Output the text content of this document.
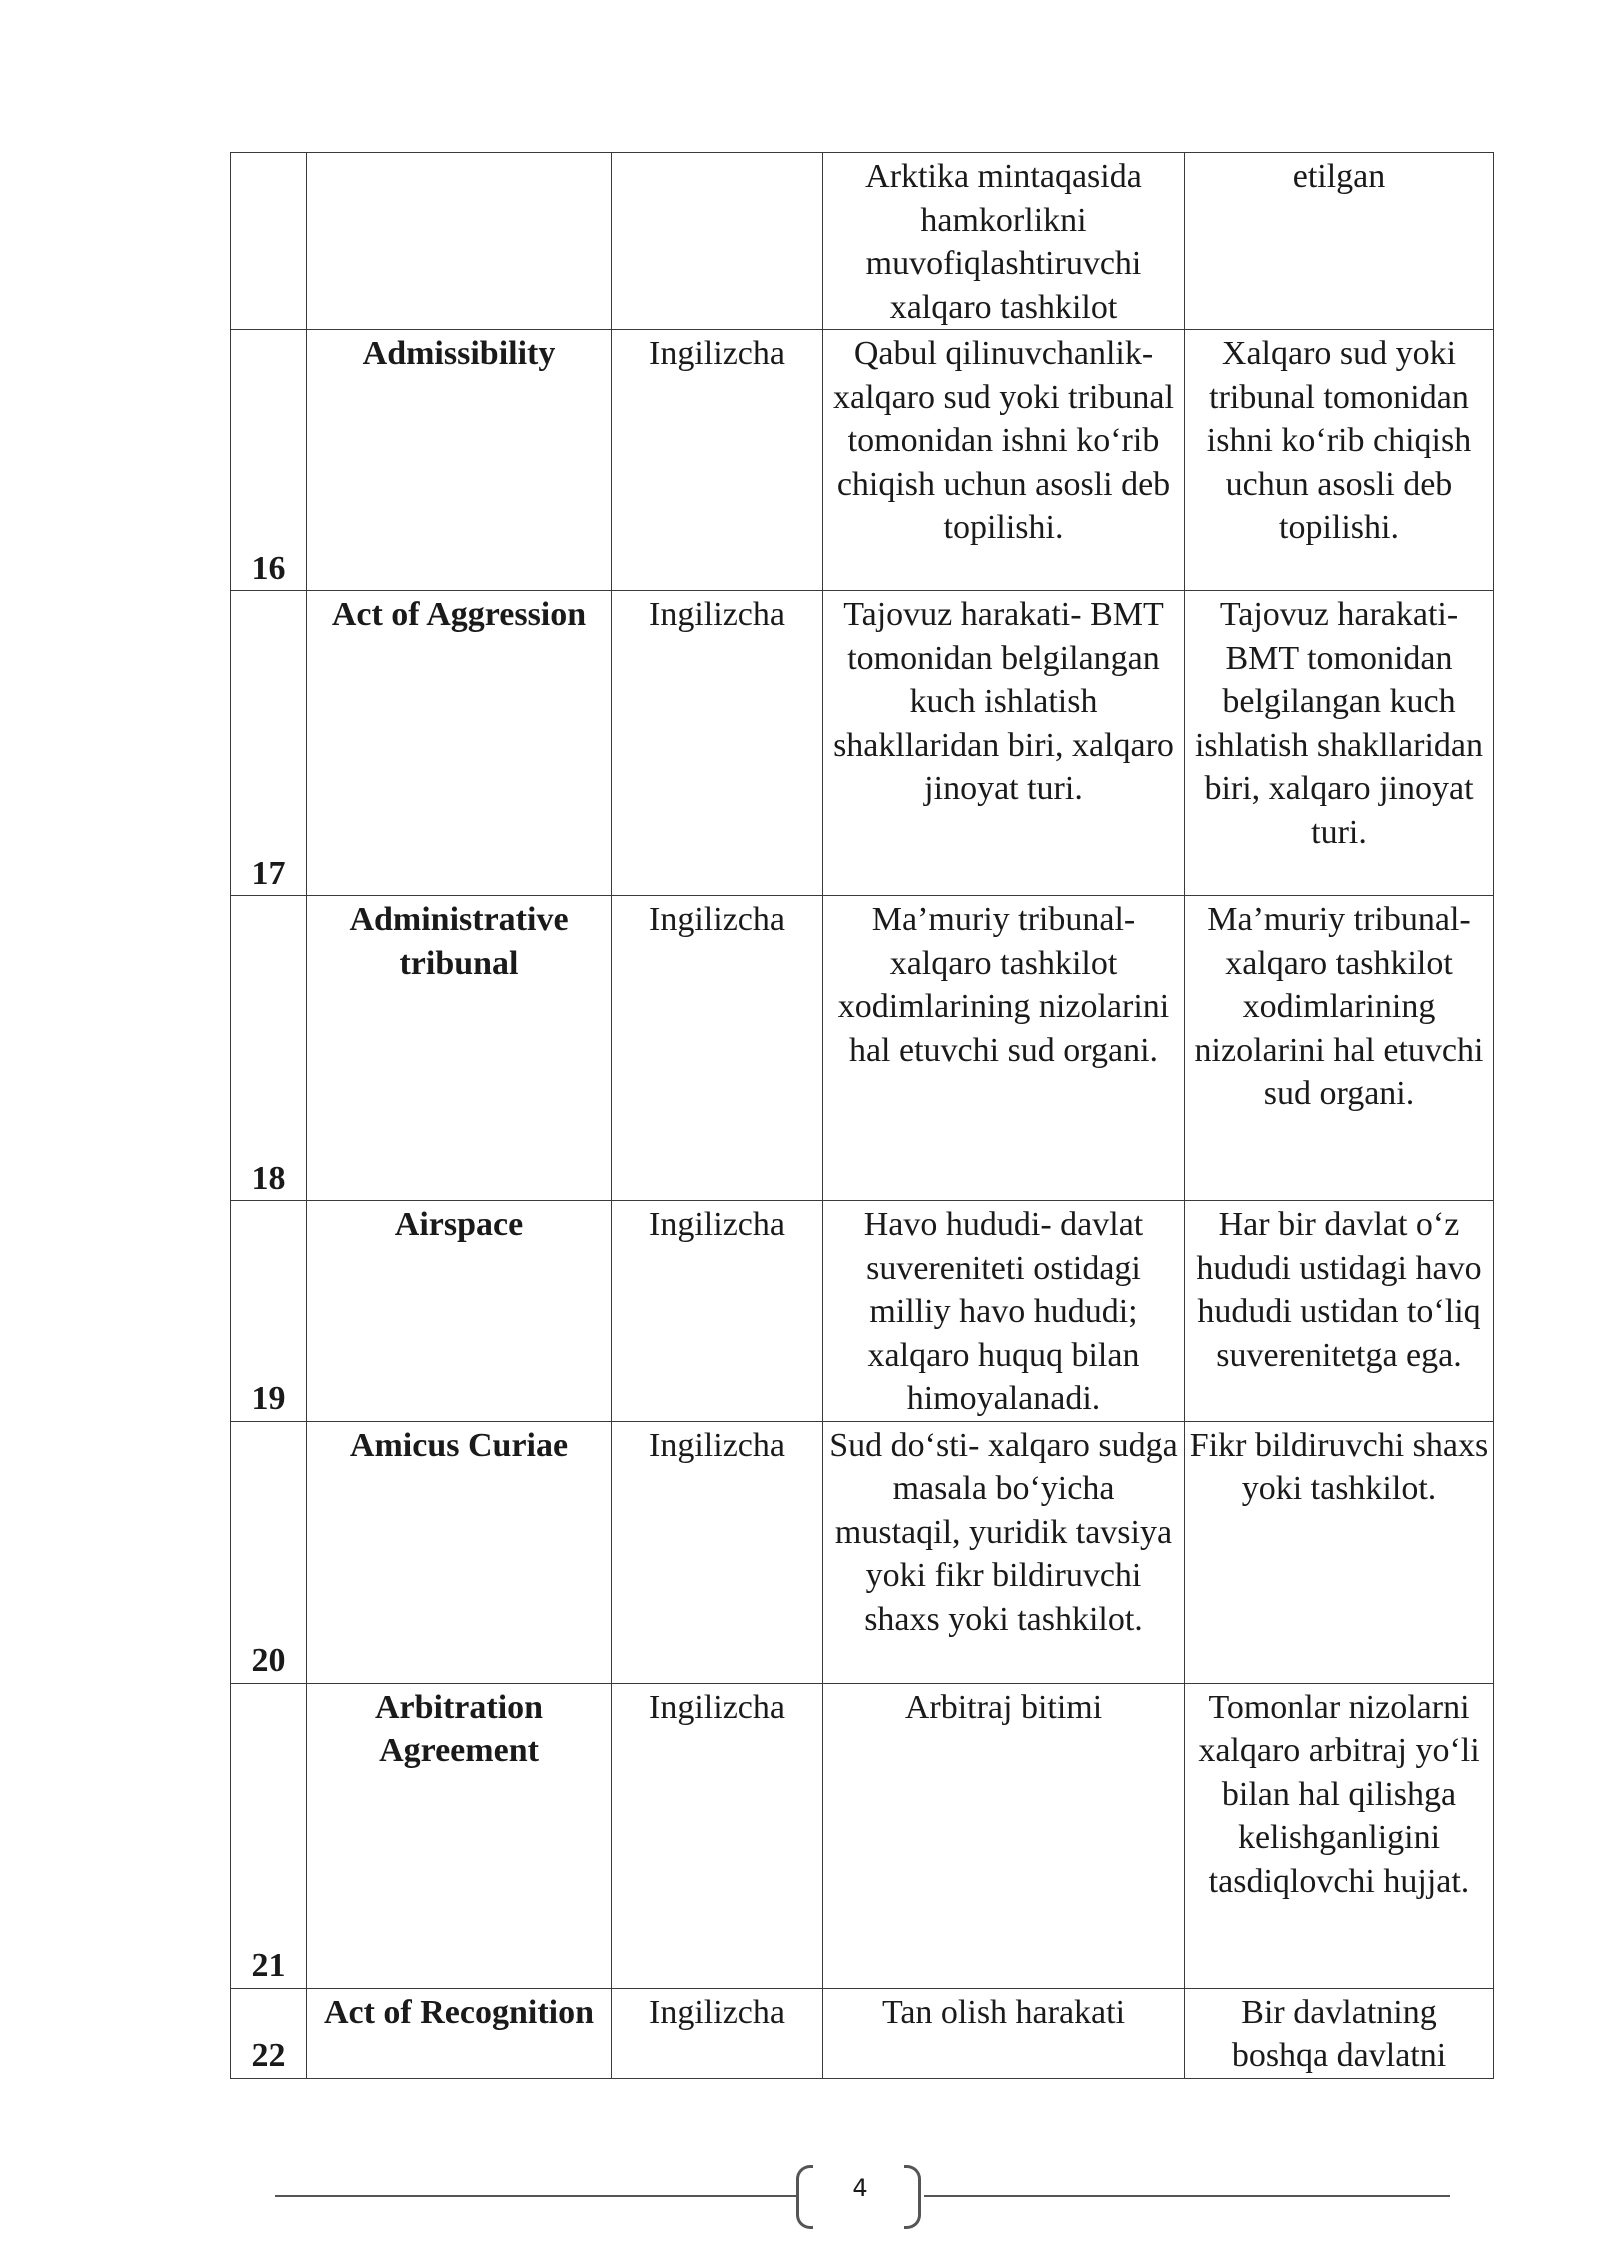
			Arktika mintaqasida hamkorlikni muvofiqlashtiruvchi xalqaro tashkilot	etilgan
16	Admissibility	Ingilizcha	Qabul qilinuvchanlik- xalqaro sud yoki tribunal tomonidan ishni ko‘rib chiqish uchun asosli deb topilishi.	Xalqaro sud yoki tribunal tomonidan ishni ko‘rib chiqish uchun asosli deb topilishi.
17	Act of Aggression	Ingilizcha	Tajovuz harakati- BMT tomonidan belgilangan kuch ishlatish shakllaridan biri, xalqaro jinoyat turi.	Tajovuz harakati- BMT tomonidan belgilangan kuch ishlatish shakllaridan biri, xalqaro jinoyat turi.
18	Administrative tribunal	Ingilizcha	Ma’muriy tribunal- xalqaro tashkilot xodimlarining nizolarini hal etuvchi sud organi.	Ma’muriy tribunal- xalqaro tashkilot xodimlarining nizolarini hal etuvchi sud organi.
19	Airspace	Ingilizcha	Havo hududi- davlat suvereniteti ostidagi milliy havo hududi; xalqaro huquq bilan himoyalanadi.	Har bir davlat o‘z hududi ustidagi havo hududi ustidan to‘liq suverenitetga ega.
20	Amicus Curiae	Ingilizcha	Sud do‘sti- xalqaro sudga masala bo‘yicha mustaqil, yuridik tavsiya yoki fikr bildiruvchi shaxs yoki tashkilot.	Fikr bildiruvchi shaxs yoki tashkilot.
21	Arbitration Agreement	Ingilizcha	Arbitraj bitimi	Tomonlar nizolarni xalqaro arbitraj yo‘li bilan hal qilishga kelishganligini tasdiqlovchi hujjat.
22	Act of Recognition	Ingilizcha	Tan olish harakati	Bir davlatning boshqa davlatni
4
